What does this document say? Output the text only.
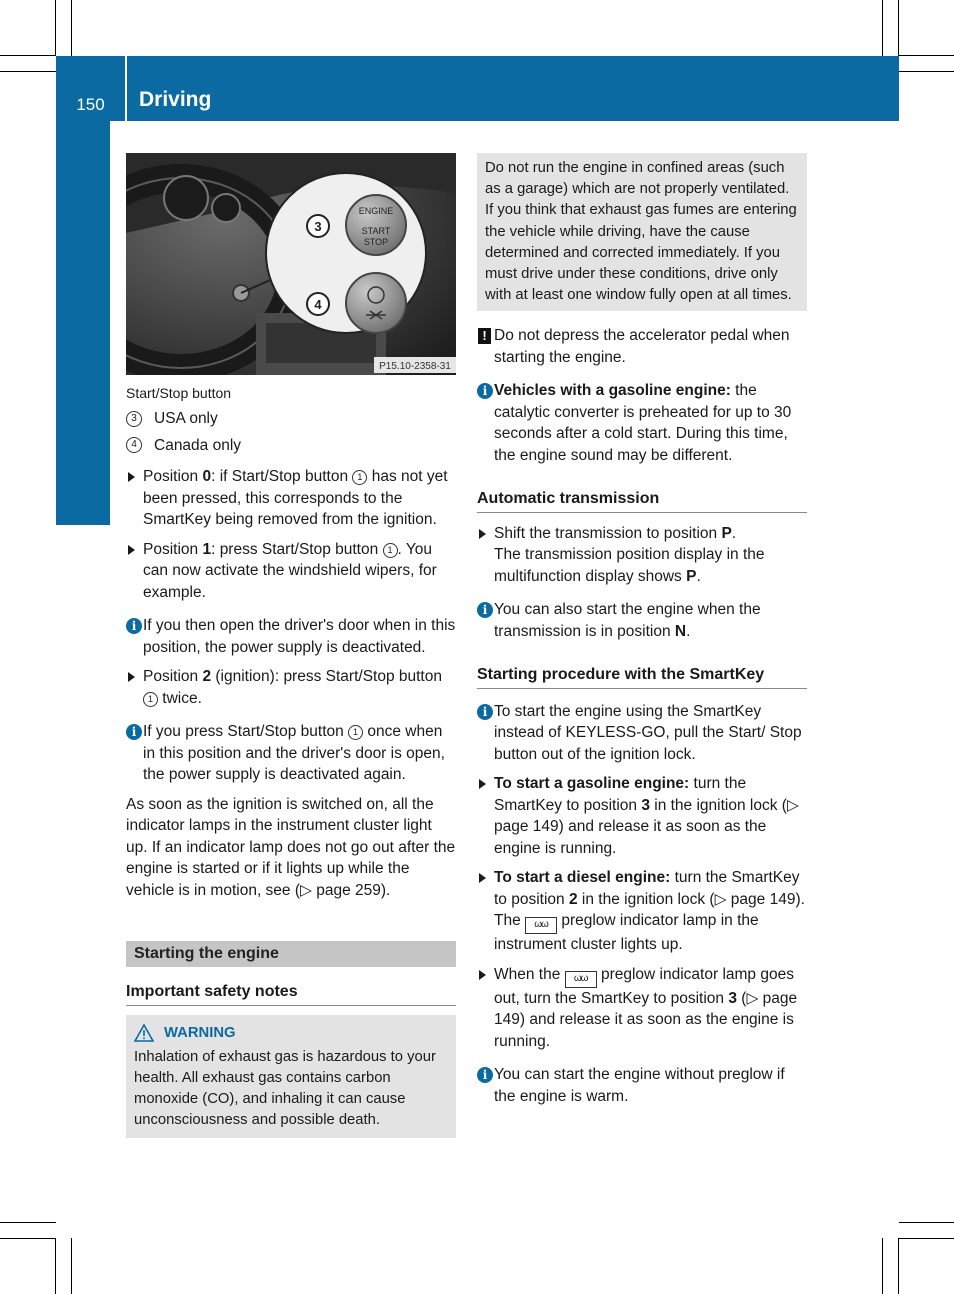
150	Driving
Driving and parking
ENGINE
START
STOP
3
4
P15.10-2358-31
Start/Stop button
3	USA only
4	Canada only
Position 0: if Start/Stop button 1 has not yet been pressed, this corresponds to the SmartKey being removed from the ignition.
Position 1: press Start/Stop button 1 . You can now activate the windshield wipers, for example.
i If you then open the driver's door when in this position, the power supply is deactivated.
Position 2 (ignition): press Start/Stop button 1 twice.
i If you press Start/Stop button 1 once when in this position and the driver's door is open, the power supply is deactivated again.
As soon as the ignition is switched on, all the indicator lamps in the instrument cluster light up. If an indicator lamp does not go out after the engine is started or if it lights up while the vehicle is in motion, see (▷ page 259).
Starting the engine
Important safety notes
WARNING
Inhalation of exhaust gas is hazardous to your health. All exhaust gas contains carbon monoxide (CO), and inhaling it can cause unconsciousness and possible death.
Do not run the engine in confined areas (such as a garage) which are not properly ventilated. If you think that exhaust gas fumes are entering the vehicle while driving, have the cause determined and corrected immediately. If you must drive under these conditions, drive only with at least one window fully open at all times.
! Do not depress the accelerator pedal when starting the engine.
i Vehicles with a gasoline engine: the catalytic converter is preheated for up to 30 seconds after a cold start. During this time, the engine sound may be different.
Automatic transmission
Shift the transmission to position P.
The transmission position display in the multifunction display shows P.
i You can also start the engine when the transmission is in position N.
Starting procedure with the SmartKey
i To start the engine using the SmartKey instead of KEYLESS-GO, pull the Start/ Stop button out of the ignition lock.
To start a gasoline engine: turn the SmartKey to position 3 in the ignition lock (▷ page 149) and release it as soon as the engine is running.
To start a diesel engine: turn the SmartKey to position 2 in the ignition lock (▷ page 149).
The ωω preglow indicator lamp in the instrument cluster lights up.
When the ωω preglow indicator lamp goes out, turn the SmartKey to position 3 (▷ page 149) and release it as soon as the engine is running.
i You can start the engine without preglow if the engine is warm.
